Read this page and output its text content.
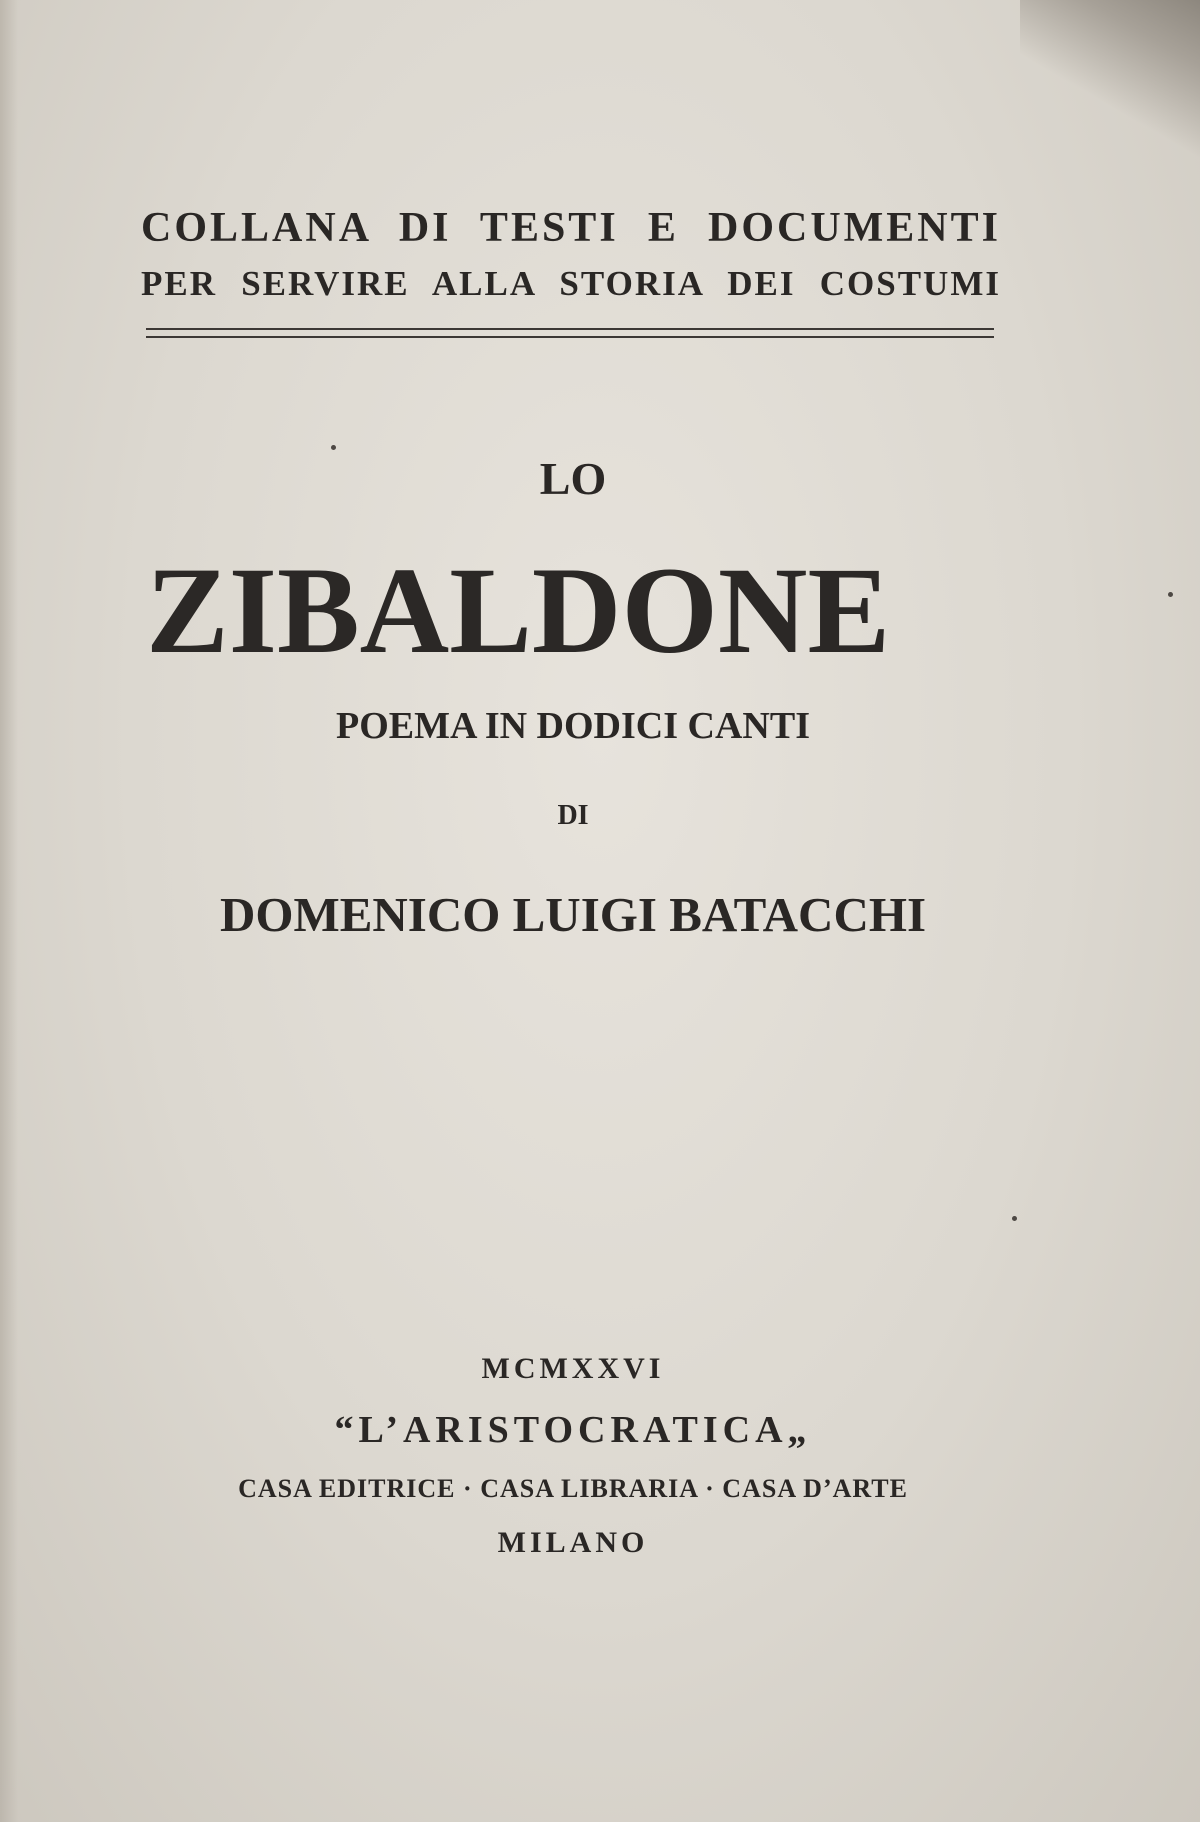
COLLANA DI TESTI E DOCUMENTI
PER SERVIRE ALLA STORIA DEI COSTUMI
LO
ZIBALDONE
POEMA IN DODICI CANTI
DI
DOMENICO LUIGI BATACCHI
MCMXXVI
“L’ARISTOCRATICA„
CASA EDITRICE · CASA LIBRARIA · CASA D’ARTE
MILANO
